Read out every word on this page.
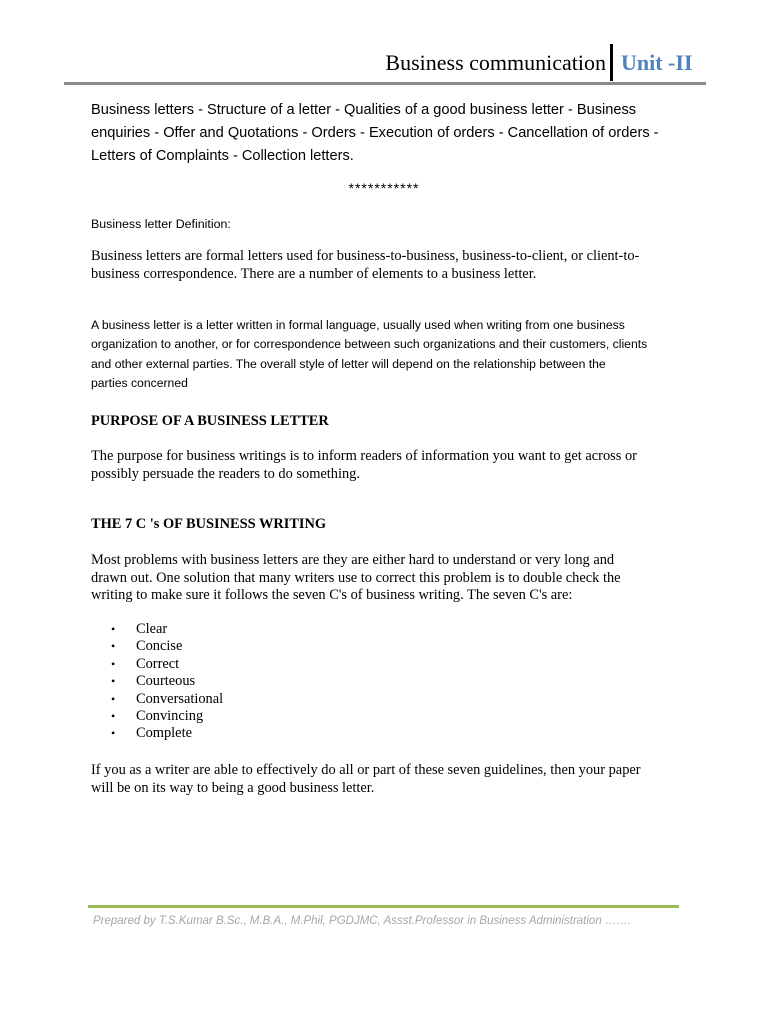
Business communication Unit -II
Business letters - Structure of a letter - Qualities of a good business letter - Business
enquiries - Offer and Quotations - Orders - Execution of orders - Cancellation of orders -
Letters of Complaints - Collection letters.
***********
Business letter Definition:
Business letters are formal letters used for business-to-business, business-to-client, or client-to-
business correspondence. There are a number of elements to a business letter.
A business letter is a letter written in formal language, usually used when writing from one business
organization to another, or for correspondence between such organizations and their customers, clients
and other external parties. The overall style of letter will depend on the relationship between the
parties concerned
PURPOSE OF A BUSINESS LETTER
The purpose for business writings is to inform readers of information you want to get across or
possibly persuade the readers to do something.
THE 7 C 's OF BUSINESS WRITING
Most problems with business letters are they are either hard to understand or very long and
drawn out. One solution that many writers use to correct this problem is to double check the
writing to make sure it follows the seven C's of business writing. The seven C's are:
• Clear
• Concise
• Correct
• Courteous
• Conversational
• Convincing
• Complete
If you as a writer are able to effectively do all or part of these seven guidelines, then your paper
will be on its way to being a good business letter.
Prepared by T.S.Kumar B.Sc., M.B.A., M.Phil, PGDJMC, Assst.Professor in Business Administration …….
